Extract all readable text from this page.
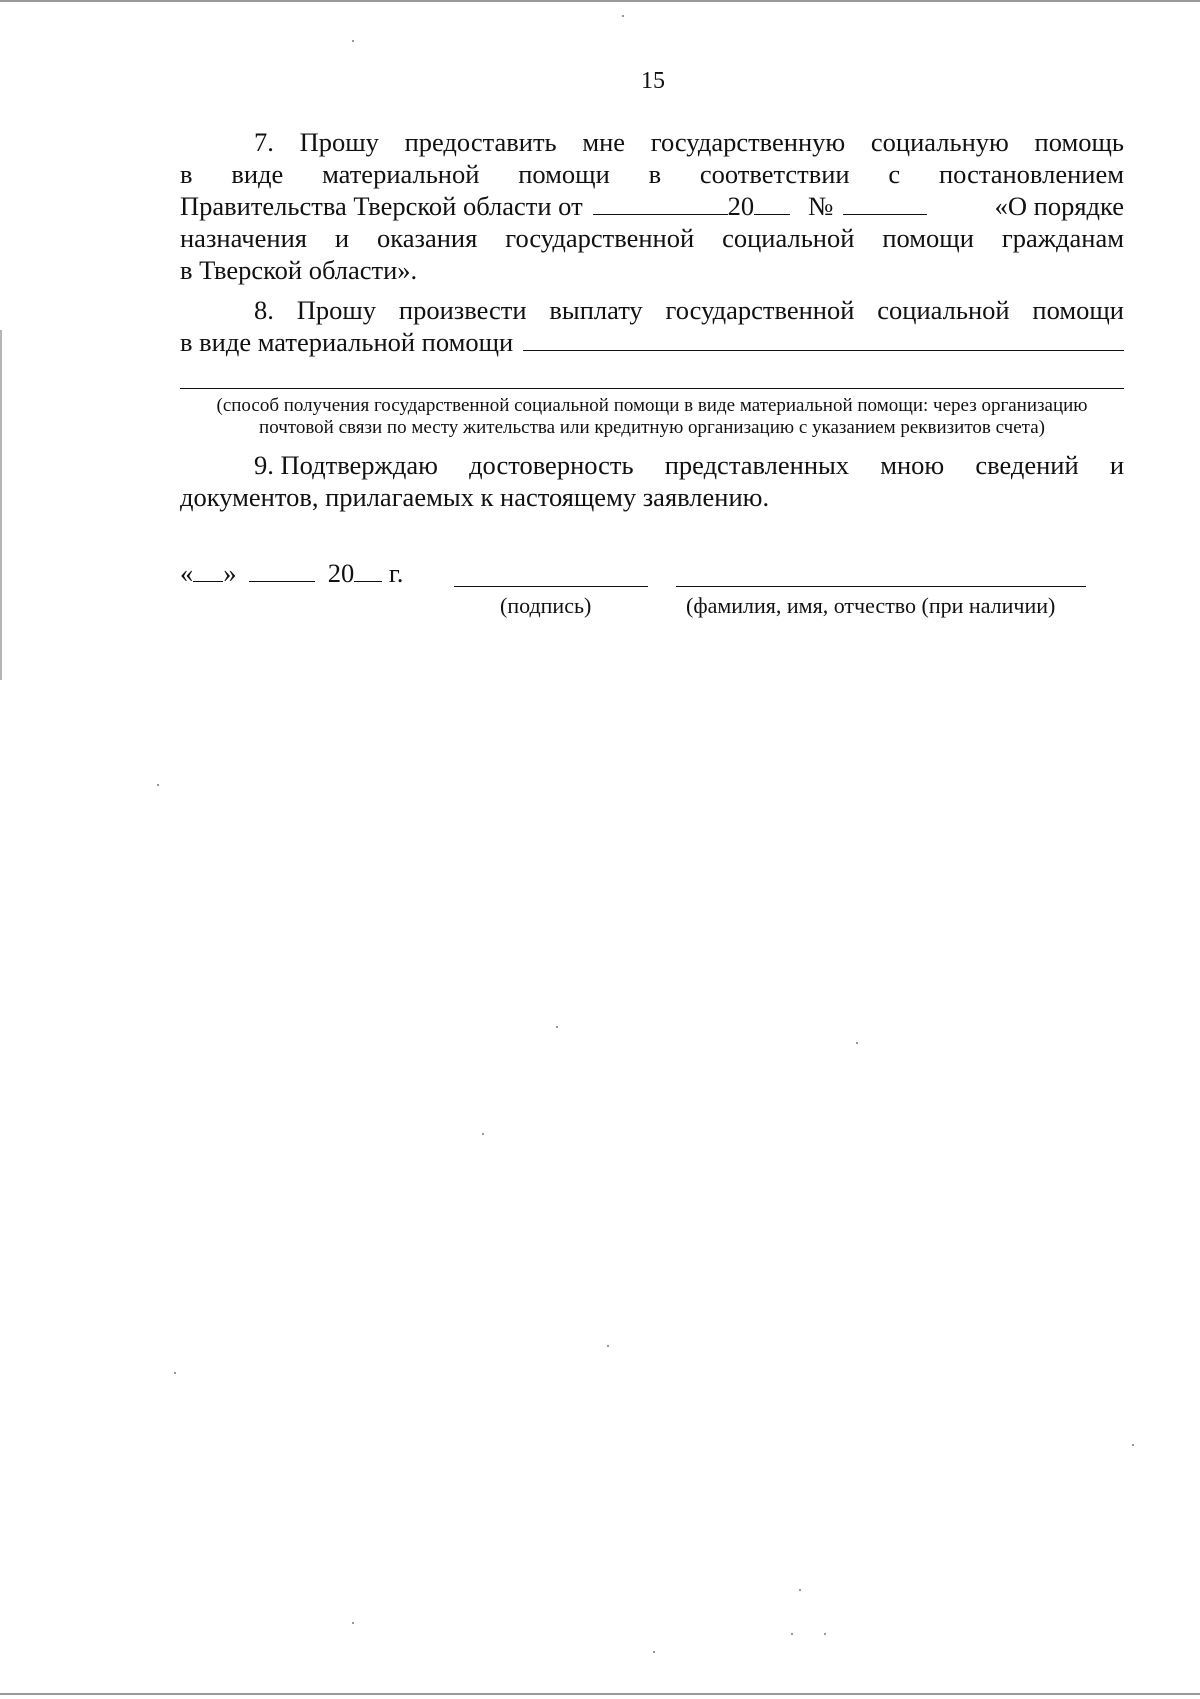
15
7. Прошу предоставить мне государственную социальную помощь
в виде материальной помощи в соответствии с постановлением
Правительства Тверской области от	20 №	«О порядке
назначения и оказания государственной социальной помощи гражданам
в Тверской области».
8. Прошу произвести выплату государственной социальной помощи
в виде материальной помощи
(способ получения государственной социальной помощи в виде материальной помощи: через организацию
почтовой связи по месту жительства или кредитную организацию с указанием реквизитов счета)
9. Подтверждаю достоверность представленных мною сведений и
документов, прилагаемых к настоящему заявлению.
« »	20 г.
(подпись)	(фамилия, имя, отчество (при наличии)
